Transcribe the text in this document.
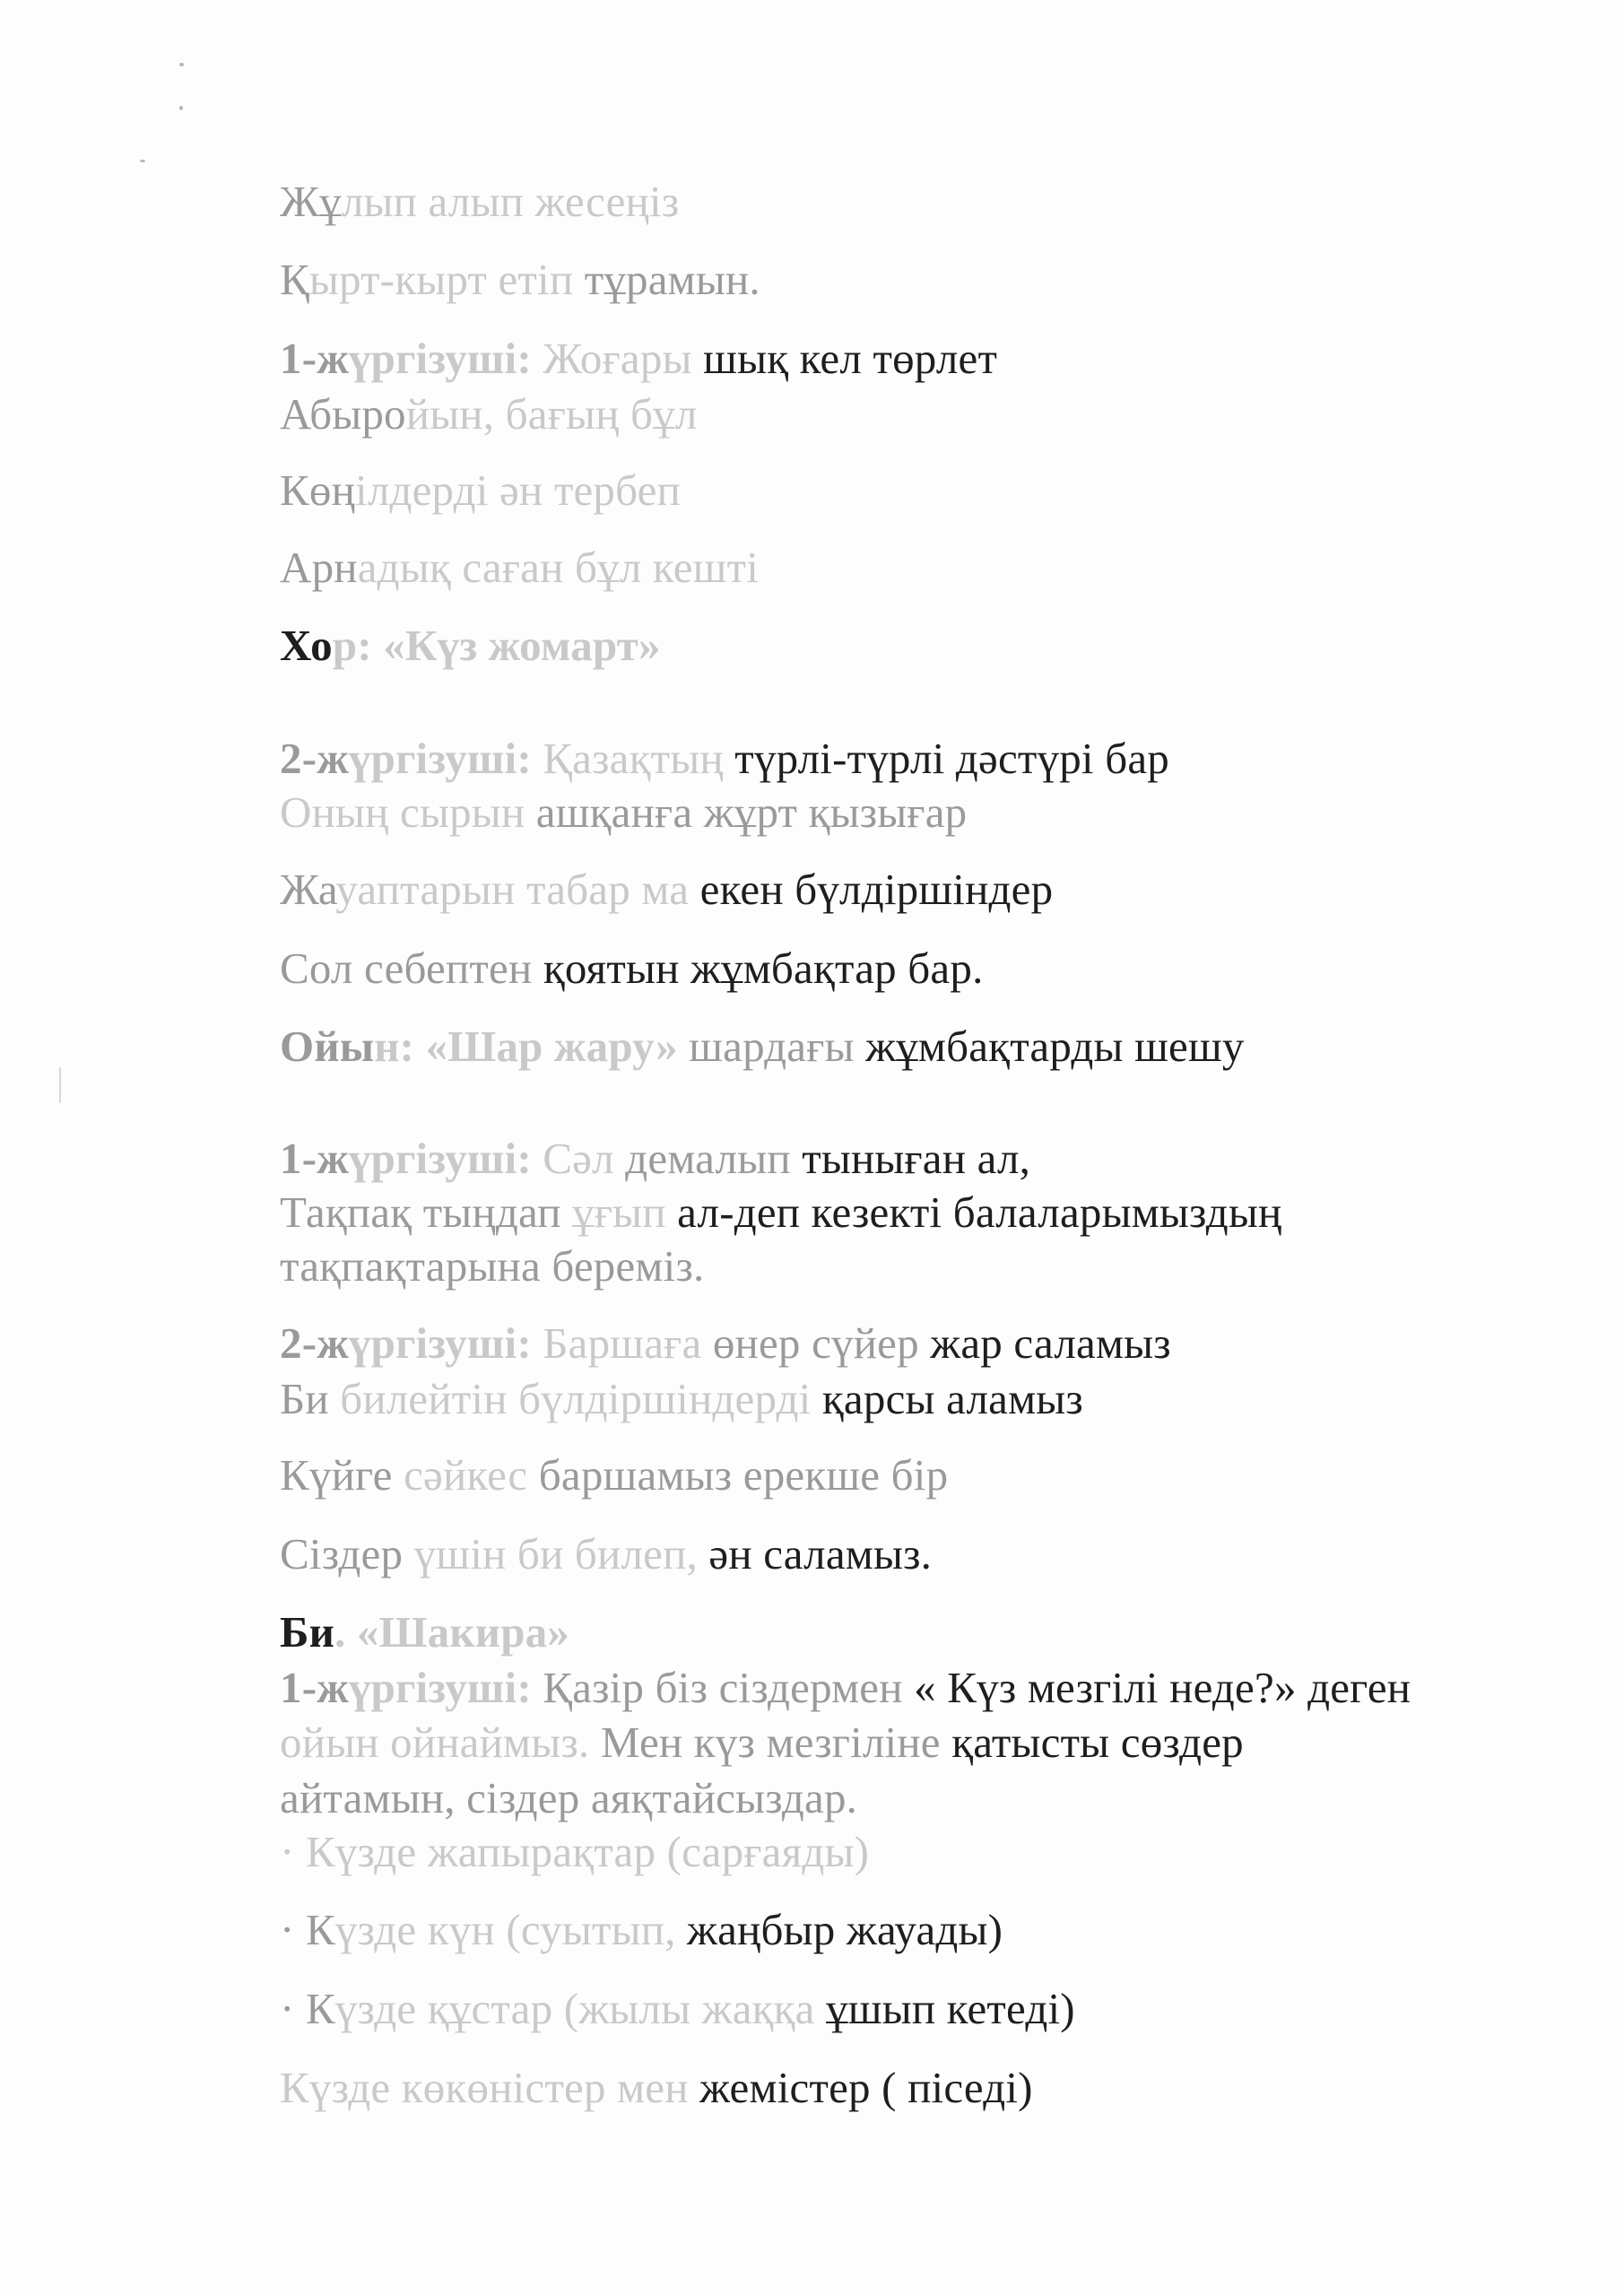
Жұлып алып жесеңіз
Қырт-кырт етіп тұрамын.
1-жүргізуші: Жоғары шық кел төрлет
Абыройын, бағың бұл
Көңілдерді ән тербеп
Арнадық саған бұл кешті
Хор: «Күз жомарт»
2-жүргізуші: Қазақтың түрлі-түрлі дәстүрі бар
Оның сырын ашқанға жұрт қызығар
Жауаптарын табар ма екен бүлдіршіндер
Сол себептен қоятын жұмбақтар бар.
Ойын: «Шар жару» шардағы жұмбақтарды шешу
1-жүргізуші: Сәл демалып тыныған ал,
Тақпақ тыңдап ұғып ал-деп кезекті балаларымыздың
тақпақтарына береміз.
2-жүргізуші: Баршаға өнер сүйер жар саламыз
Би билейтін бүлдіршіндерді қарсы аламыз
Күйге сәйкес баршамыз ерекше бір
Сіздер үшін би билеп, ән саламыз.
Би. «Шакира»
1-жүргізуші: Қазір біз сіздермен « Күз мезгілі неде?» деген
ойын ойнаймыз. Мен күз мезгіліне қатысты сөздер
айтамын, сіздер аяқтайсыздар.
· Күзде жапырақтар (сарғаяды)
· Күзде күн (суытып, жаңбыр жауады)
· Күзде құстар (жылы жаққа ұшып кетеді)
Күзде көкөністер мен жемістер ( піседі)
